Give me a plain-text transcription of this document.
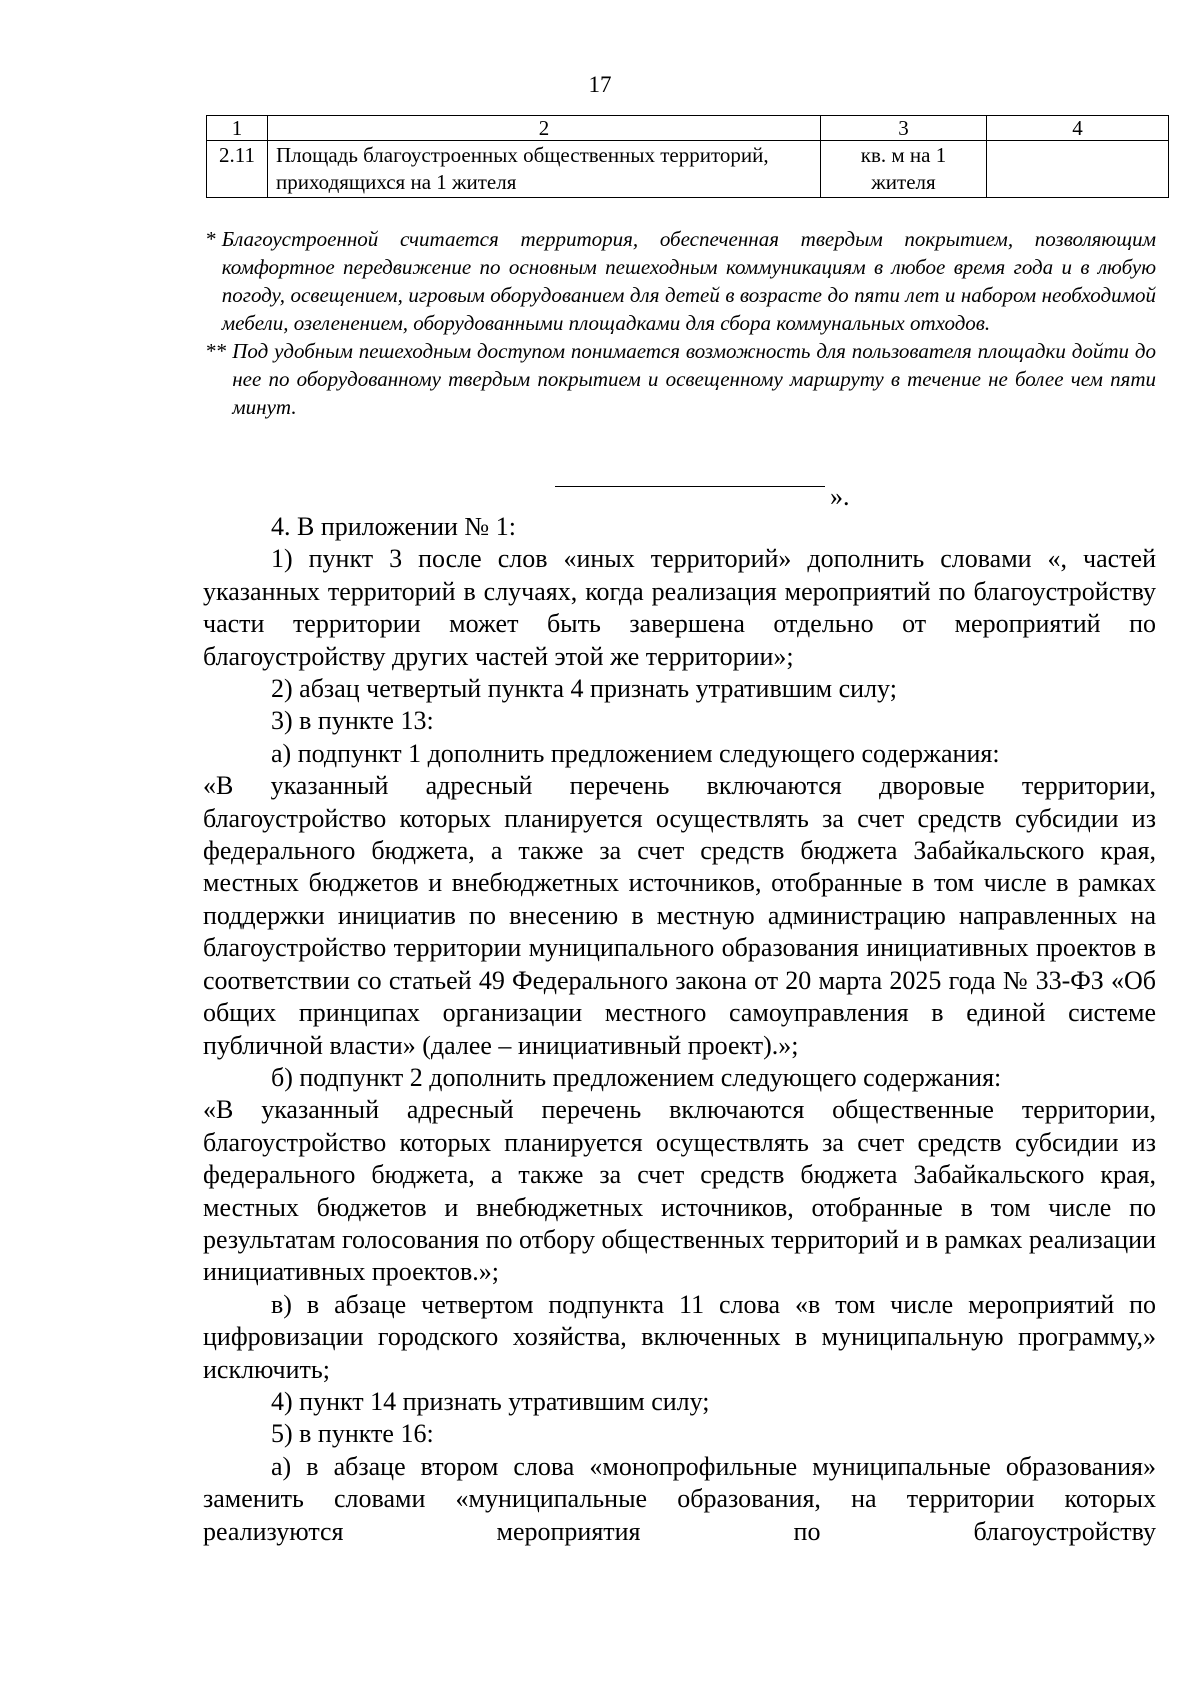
17
1	2	3	4
2.11	Площадь благоустроенных общественных территорий, приходящихся на 1 жителя	кв. м на 1 жителя	
* Благоустроенной считается территория, обеспеченная твердым покрытием, позволяющим комфортное передвижение по основным пешеходным коммуникациям в любое время года и в любую погоду, освещением, игровым оборудованием для детей в возрасте до пяти лет и набором необходимой мебели, озеленением, оборудованными площадками для сбора коммунальных отходов.
** Под удобным пешеходным доступом понимается возможность для пользователя площадки дойти до нее по оборудованному твердым покрытием и освещенному маршруту в течение не более чем пяти минут.
».

4. В приложении № 1:

1) пункт 3 после слов «иных территорий» дополнить словами «, частей указанных территорий в случаях, когда реализация мероприятий по благоустройству части территории может быть завершена отдельно от мероприятий по благоустройству других частей этой же территории»;

2) абзац четвертый пункта 4 признать утратившим силу;

3) в пункте 13:

а) подпункт 1 дополнить предложением следующего содержания:

«В указанный адресный перечень включаются дворовые территории, благоустройство которых планируется осуществлять за счет средств субсидии из федерального бюджета, а также за счет средств бюджета Забайкальского края, местных бюджетов и внебюджетных источников, отобранные в том числе в рамках поддержки инициатив по внесению в местную администрацию направленных на благоустройство территории муниципального образования инициативных проектов в соответствии со статьей 49 Федерального закона от 20 марта 2025 года № 33-ФЗ «Об общих принципах организации местного самоуправления в единой системе публичной власти» (далее – инициативный проект).»;

б) подпункт 2 дополнить предложением следующего содержания:

«В указанный адресный перечень включаются общественные территории, благоустройство которых планируется осуществлять за счет средств субсидии из федерального бюджета, а также за счет средств бюджета Забайкальского края, местных бюджетов и внебюджетных источников, отобранные в том числе по результатам голосования по отбору общественных территорий и в рамках реализации инициативных проектов.»;

в) в абзаце четвертом подпункта 11 слова «в том числе мероприятий по цифровизации городского хозяйства, включенных в муниципальную программу,» исключить;

4) пункт 14 признать утратившим силу;

5) в пункте 16:

а) в абзаце втором слова «монопрофильные муниципальные образования» заменить словами «муниципальные образования, на территории которых реализуются мероприятия по благоустройству
